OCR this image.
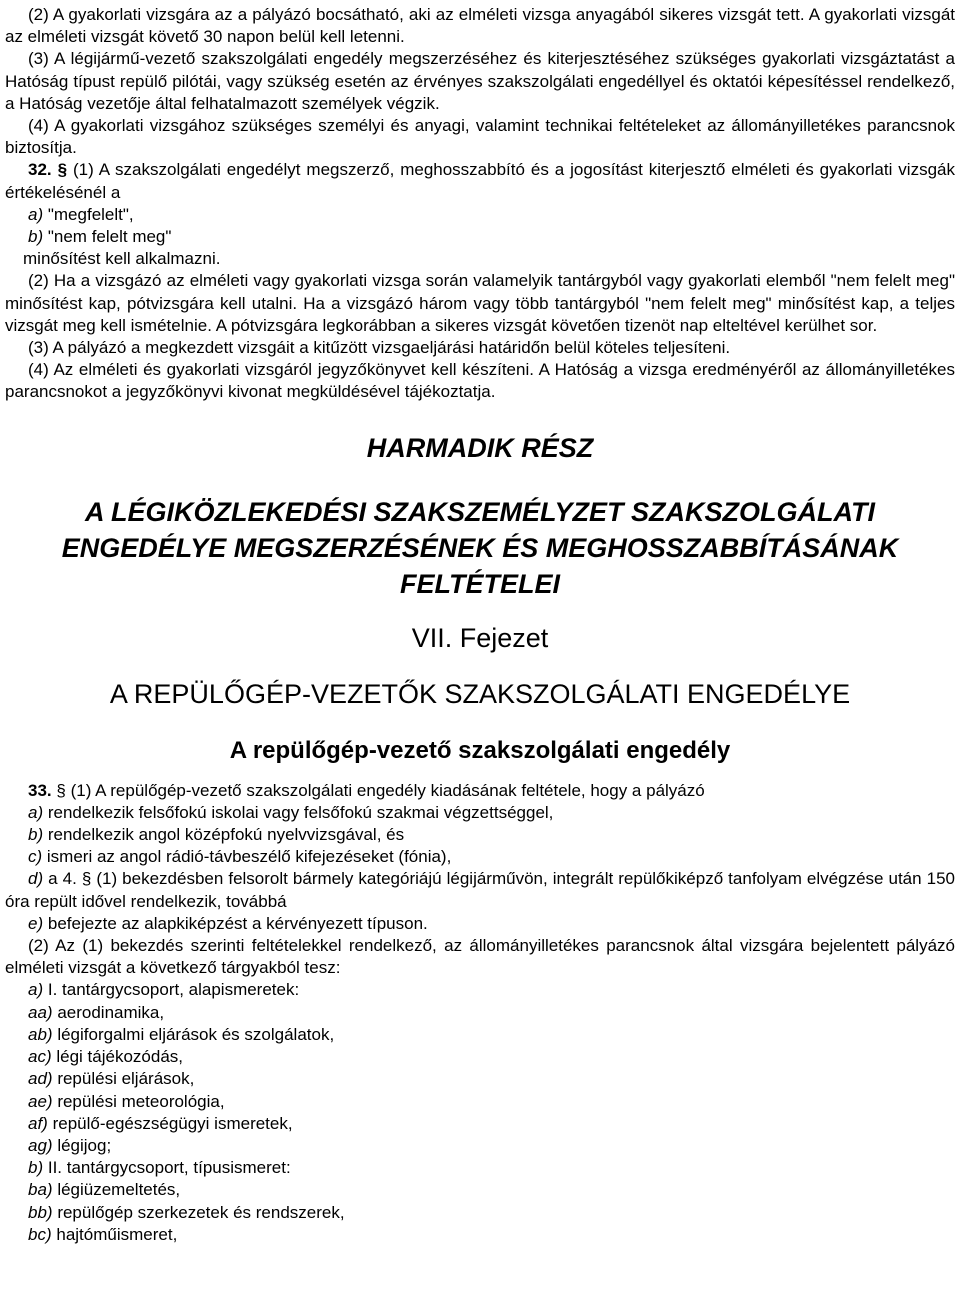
(2) A gyakorlati vizsgára az a pályázó bocsátható, aki az elméleti vizsga anyagából sikeres vizsgát tett. A gyakorlati vizsgát az elméleti vizsgát követő 30 napon belül kell letenni.

(3) A légijármű-vezető szakszolgálati engedély megszerzéséhez és kiterjesztéséhez szükséges gyakorlati vizsgáztatást a Hatóság típust repülő pilótái, vagy szükség esetén az érvényes szakszolgálati engedéllyel és oktatói képesítéssel rendelkező, a Hatóság vezetője által felhatalmazott személyek végzik.

(4) A gyakorlati vizsgához szükséges személyi és anyagi, valamint technikai feltételeket az állományilletékes parancsnok biztosítja.

32. § (1) A szakszolgálati engedélyt megszerző, meghosszabbító és a jogosítást kiterjesztő elméleti és gyakorlati vizsgák értékelésénél a

a) "megfelelt",

b) "nem felelt meg"

minősítést kell alkalmazni.

(2) Ha a vizsgázó az elméleti vagy gyakorlati vizsga során valamelyik tantárgyból vagy gyakorlati elemből "nem felelt meg" minősítést kap, pótvizsgára kell utalni. Ha a vizsgázó három vagy több tantárgyból "nem felelt meg" minősítést kap, a teljes vizsgát meg kell ismételnie. A pótvizsgára legkorábban a sikeres vizsgát követően tizenöt nap elteltével kerülhet sor.

(3) A pályázó a megkezdett vizsgáit a kitűzött vizsgaeljárási határidőn belül köteles teljesíteni.

(4) Az elméleti és gyakorlati vizsgáról jegyzőkönyvet kell készíteni. A Hatóság a vizsga eredményéről az állományilletékes parancsnokot a jegyzőkönyvi kivonat megküldésével tájékoztatja.

HARMADIK RÉSZ

A LÉGIKÖZLEKEDÉSI SZAKSZEMÉLYZET SZAKSZOLGÁLATI ENGEDÉLYE MEGSZERZÉSÉNEK ÉS MEGHOSSZABBÍTÁSÁNAK FELTÉTELEI

VII. Fejezet

A REPÜLŐGÉP-VEZETŐK SZAKSZOLGÁLATI ENGEDÉLYE

A repülőgép-vezető szakszolgálati engedély

33. § (1) A repülőgép-vezető szakszolgálati engedély kiadásának feltétele, hogy a pályázó

a) rendelkezik felsőfokú iskolai vagy felsőfokú szakmai végzettséggel,

b) rendelkezik angol középfokú nyelvvizsgával, és

c) ismeri az angol rádió-távbeszélő kifejezéseket (fónia),

d) a 4. § (1) bekezdésben felsorolt bármely kategóriájú légijárművön, integrált repülőkiképző tanfolyam elvégzése után 150 óra repült idővel rendelkezik, továbbá

e) befejezte az alapkiképzést a kérvényezett típuson.

(2) Az (1) bekezdés szerinti feltételekkel rendelkező, az állományilletékes parancsnok által vizsgára bejelentett pályázó elméleti vizsgát a következő tárgyakból tesz:

a) I. tantárgycsoport, alapismeretek:

aa) aerodinamika,

ab) légiforgalmi eljárások és szolgálatok,

ac) légi tájékozódás,

ad) repülési eljárások,

ae) repülési meteorológia,

af) repülő-egészségügyi ismeretek,

ag) légijog;

b) II. tantárgycsoport, típusismeret:

ba) légiüzemeltetés,

bb) repülőgép szerkezetek és rendszerek,

bc) hajtóműismeret,
